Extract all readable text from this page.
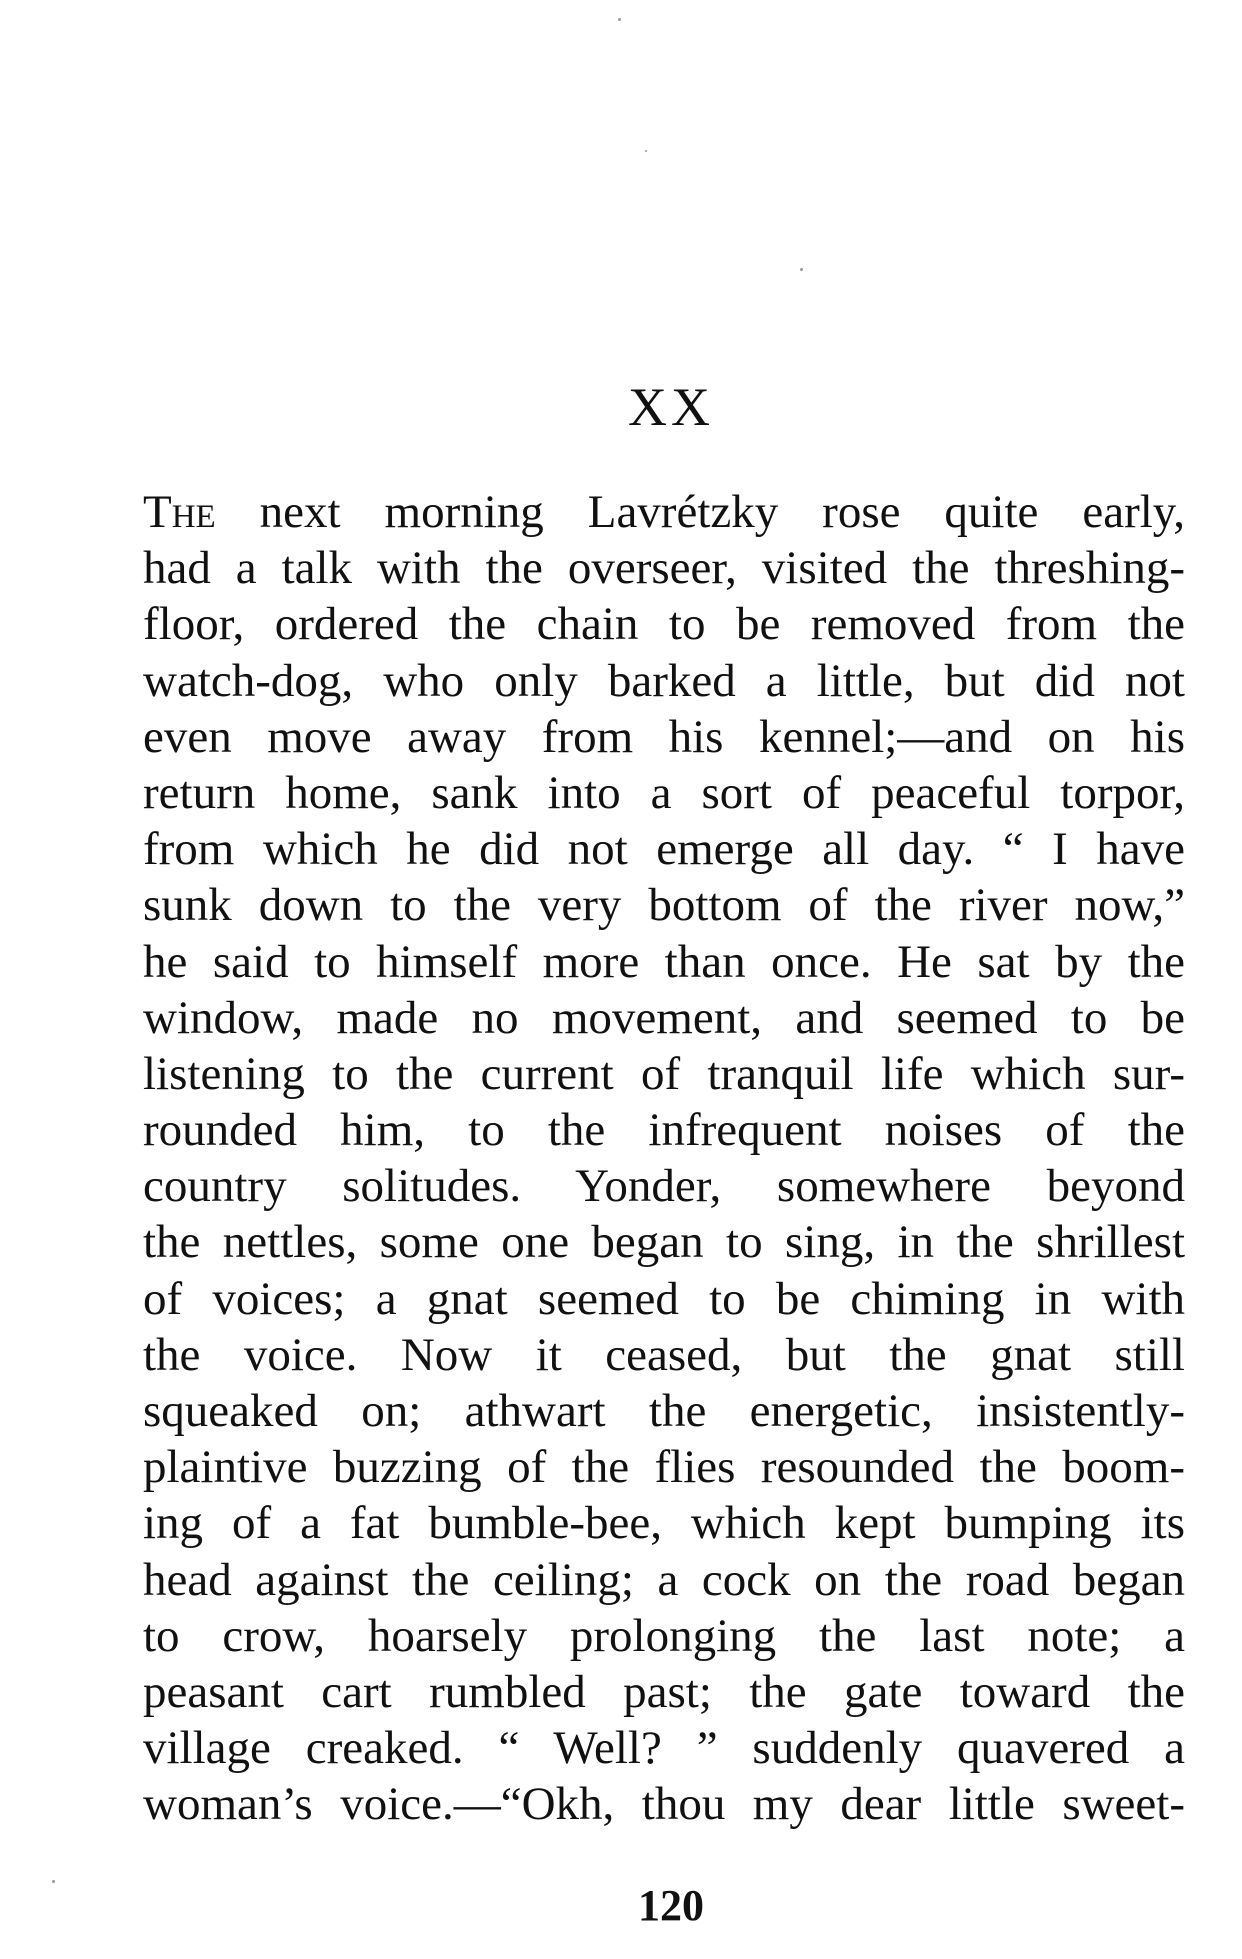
XX
The next morning Lavrétzky rose quite early,
had a talk with the overseer, visited the threshing-
floor, ordered the chain to be removed from the
watch-dog, who only barked a little, but did not
even move away from his kennel;—and on his
return home, sank into a sort of peaceful torpor,
from which he did not emerge all day. “ I have
sunk down to the very bottom of the river now,”
he said to himself more than once. He sat by the
window, made no movement, and seemed to be
listening to the current of tranquil life which sur-
rounded him, to the infrequent noises of the
country solitudes. Yonder, somewhere beyond
the nettles, some one began to sing, in the shrillest
of voices; a gnat seemed to be chiming in with
the voice. Now it ceased, but the gnat still
squeaked on; athwart the energetic, insistently-
plaintive buzzing of the flies resounded the boom-
ing of a fat bumble-bee, which kept bumping its
head against the ceiling; a cock on the road began
to crow, hoarsely prolonging the last note; a
peasant cart rumbled past; the gate toward the
village creaked. “ Well? ” suddenly quavered a
woman’s voice.—“Okh, thou my dear little sweet-
120
